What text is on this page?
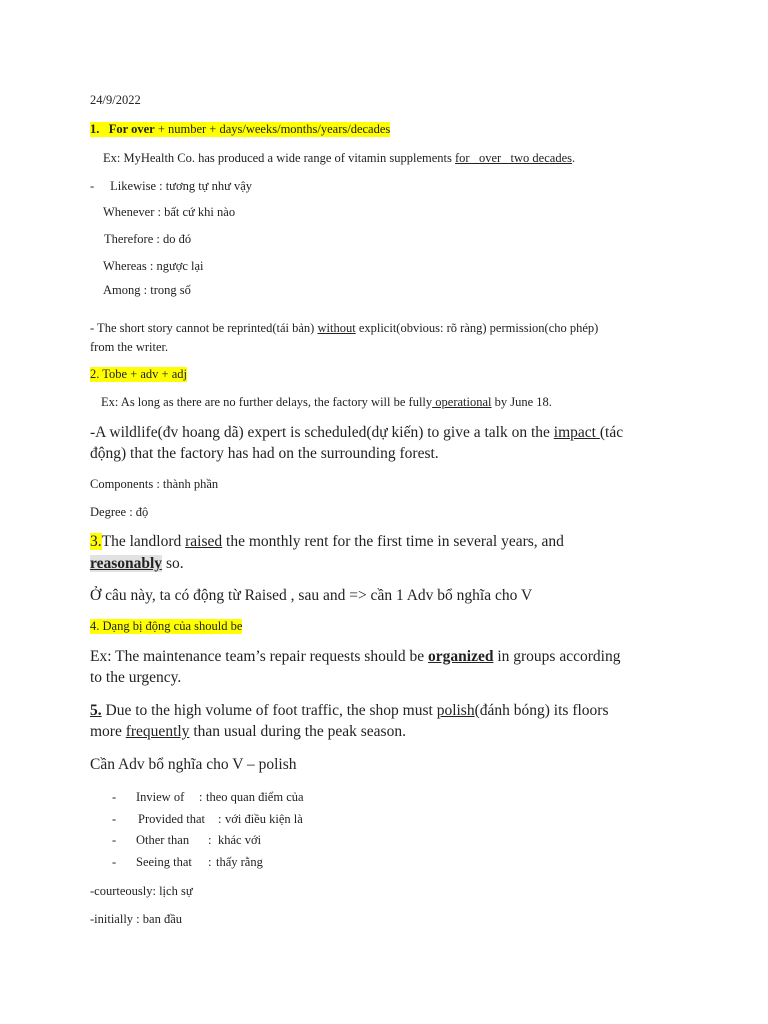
24/9/2022
1. For over + number + days/weeks/months/years/decades
Ex: MyHealth Co. has produced a wide range of vitamin supplements for _over_ two decades.
- Likewise : tương tự như vậy
Whenever : bất cứ khi nào
Therefore : do đó
Whereas : ngược lại
Among : trong số
- The short story cannot be reprinted(tái bản) without explicit(obvious: rõ ràng) permission(cho phép)
from the writer.
2. Tobe + adv + adj
Ex: As long as there are no further delays, the factory will be fully operational by June 18.
-A wildlife(đv hoang dã) expert is scheduled(dự kiến) to give a talk on the impact (tác
động) that the factory has had on the surrounding forest.
Components : thành phần
Degree : độ
3.The landlord raised the monthly rent for the first time in several years, and
reasonably so.
Ở câu này, ta có động từ Raised , sau and => cần 1 Adv bổ nghĩa cho V
4. Dạng bị động của should be
Ex: The maintenance team’s repair requests should be organized in groups according
to the urgency.
5. Due to the high volume of foot traffic, the shop must polish(đánh bóng) its floors
more frequently than usual during the peak season.
Cần Adv bổ nghĩa cho V – polish
- Inview of : theo quan điểm của
- Provided that : với điều kiện là
- Other than : khác với
- Seeing that : thấy rằng
-courteously: lịch sự
-initially : ban đầu
